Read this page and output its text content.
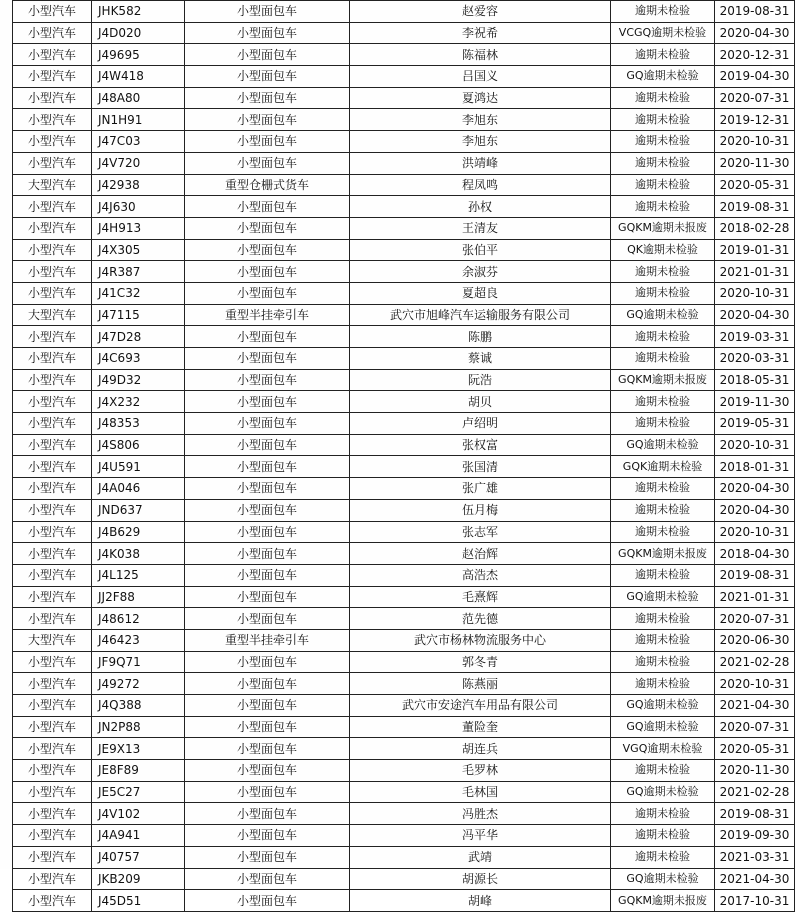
小型汽车	JHK582	小型面包车	赵爱容	逾期未检验	2019-08-31
小型汽车	J4D020	小型面包车	李祝希	VCGQ逾期未检验	2020-04-30
小型汽车	J49695	小型面包车	陈福林	逾期未检验	2020-12-31
小型汽车	J4W418	小型面包车	吕国义	GQ逾期未检验	2019-04-30
小型汽车	J48A80	小型面包车	夏鸿达	逾期未检验	2020-07-31
小型汽车	JN1H91	小型面包车	李旭东	逾期未检验	2019-12-31
小型汽车	J47C03	小型面包车	李旭东	逾期未检验	2020-10-31
小型汽车	J4V720	小型面包车	洪靖峰	逾期未检验	2020-11-30
大型汽车	J42938	重型仓栅式货车	程凤鸣	逾期未检验	2020-05-31
小型汽车	J4J630	小型面包车	孙权	逾期未检验	2019-08-31
小型汽车	J4H913	小型面包车	王清友	GQKM逾期未报废	2018-02-28
小型汽车	J4X305	小型面包车	张伯平	QK逾期未检验	2019-01-31
小型汽车	J4R387	小型面包车	余淑芬	逾期未检验	2021-01-31
小型汽车	J41C32	小型面包车	夏超良	逾期未检验	2020-10-31
大型汽车	J47115	重型半挂牵引车	武穴市旭峰汽车运输服务有限公司	GQ逾期未检验	2020-04-30
小型汽车	J47D28	小型面包车	陈鹏	逾期未检验	2019-03-31
小型汽车	J4C693	小型面包车	蔡诚	逾期未检验	2020-03-31
小型汽车	J49D32	小型面包车	阮浩	GQKM逾期未报废	2018-05-31
小型汽车	J4X232	小型面包车	胡贝	逾期未检验	2019-11-30
小型汽车	J48353	小型面包车	卢绍明	逾期未检验	2019-05-31
小型汽车	J4S806	小型面包车	张权富	GQ逾期未检验	2020-10-31
小型汽车	J4U591	小型面包车	张国清	GQK逾期未检验	2018-01-31
小型汽车	J4A046	小型面包车	张广雄	逾期未检验	2020-04-30
小型汽车	JND637	小型面包车	伍月梅	逾期未检验	2020-04-30
小型汽车	J4B629	小型面包车	张志军	逾期未检验	2020-10-31
小型汽车	J4K038	小型面包车	赵治辉	GQKM逾期未报废	2018-04-30
小型汽车	J4L125	小型面包车	高浩杰	逾期未检验	2019-08-31
小型汽车	JJ2F88	小型面包车	毛熹辉	GQ逾期未检验	2021-01-31
小型汽车	J48612	小型面包车	范先德	逾期未检验	2020-07-31
大型汽车	J46423	重型半挂牵引车	武穴市杨林物流服务中心	逾期未检验	2020-06-30
小型汽车	JF9Q71	小型面包车	郭冬青	逾期未检验	2021-02-28
小型汽车	J49272	小型面包车	陈燕丽	逾期未检验	2020-10-31
小型汽车	J4Q388	小型面包车	武穴市安途汽车用品有限公司	GQ逾期未检验	2021-04-30
小型汽车	JN2P88	小型面包车	董险奎	GQ逾期未检验	2020-07-31
小型汽车	JE9X13	小型面包车	胡连兵	VGQ逾期未检验	2020-05-31
小型汽车	JE8F89	小型面包车	毛罗林	逾期未检验	2020-11-30
小型汽车	JE5C27	小型面包车	毛林国	GQ逾期未检验	2021-02-28
小型汽车	J4V102	小型面包车	冯胜杰	逾期未检验	2019-08-31
小型汽车	J4A941	小型面包车	冯平华	逾期未检验	2019-09-30
小型汽车	J40757	小型面包车	武靖	逾期未检验	2021-03-31
小型汽车	JKB209	小型面包车	胡源长	GQ逾期未检验	2021-04-30
小型汽车	J45D51	小型面包车	胡峰	GQKM逾期未报废	2017-10-31
